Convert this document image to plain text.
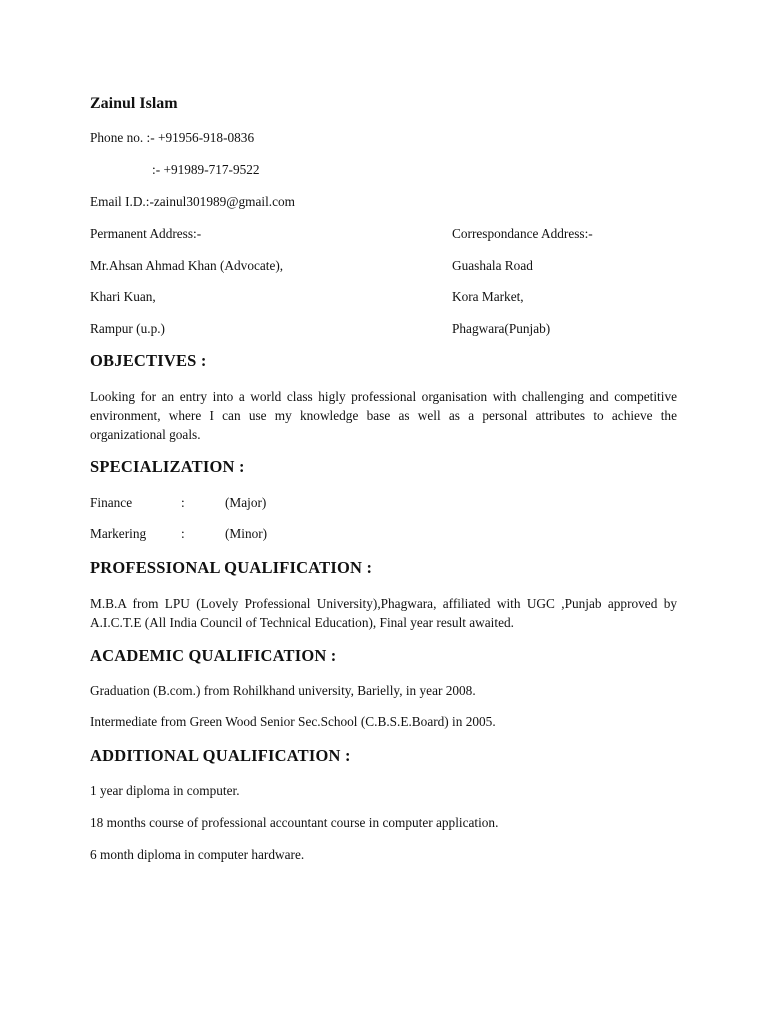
Zainul Islam
Phone no. :- +91956-918-0836
:- +91989-717-9522
Email I.D.:-zainul301989@gmail.com
Permanent Address:-	Correspondance Address:-
Mr.Ahsan Ahmad Khan (Advocate),	Guashala Road
Khari Kuan,	Kora Market,
Rampur (u.p.)	Phagwara(Punjab)
OBJECTIVES :
Looking for an entry into a world class higly professional organisation with challenging and competitive environment, where I can use my knowledge base as well as a personal attributes to achieve the organizational goals.
SPECIALIZATION :
Finance	:	(Major)
Markering	:	(Minor)
PROFESSIONAL QUALIFICATION :
M.B.A from LPU (Lovely Professional University),Phagwara, affiliated with UGC ,Punjab approved by A.I.C.T.E (All India Council of Technical Education), Final year result awaited.
ACADEMIC QUALIFICATION :
Graduation (B.com.) from Rohilkhand university, Barielly, in year 2008.
Intermediate from Green Wood Senior Sec.School (C.B.S.E.Board) in 2005.
ADDITIONAL QUALIFICATION :
1 year diploma in computer.
18 months course of professional accountant course in computer application.
6 month diploma in computer hardware.
